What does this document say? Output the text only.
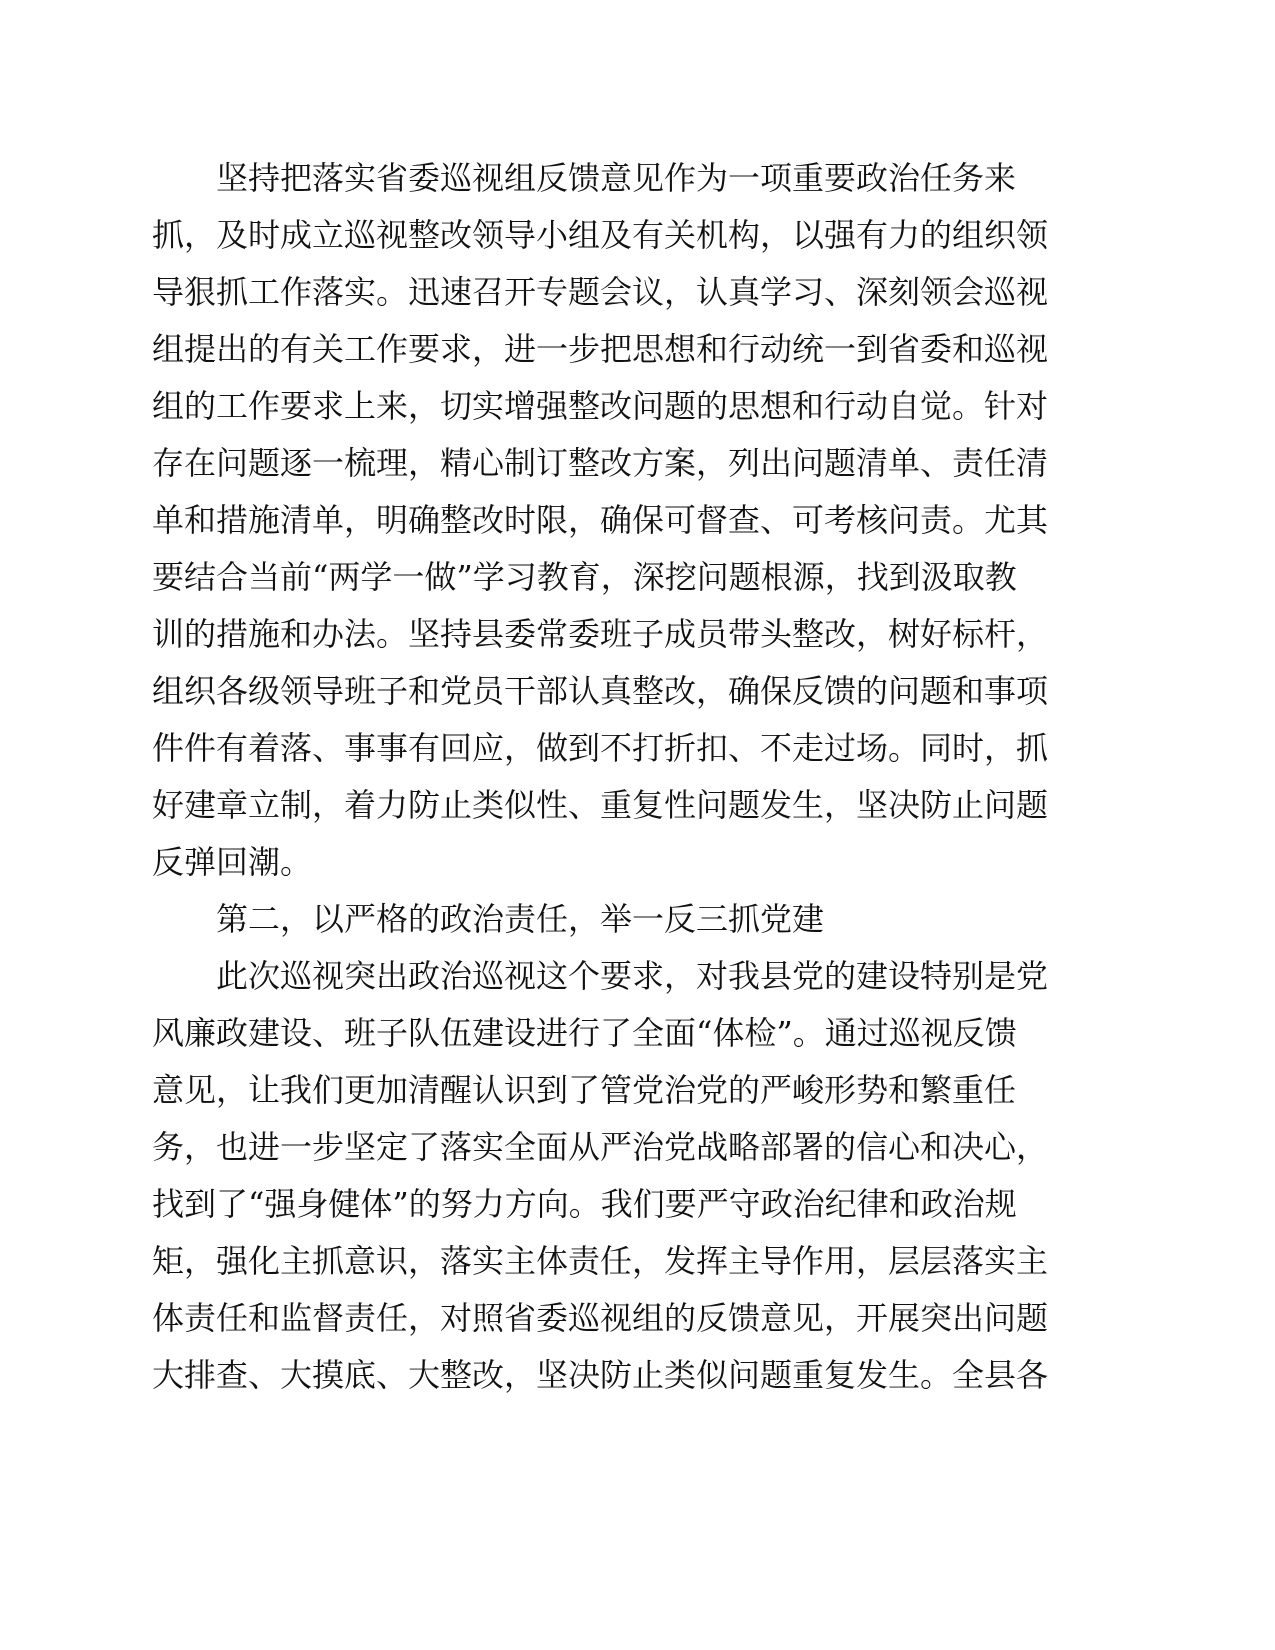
坚持把落实省委巡视组反馈意见作为一项重要政治任务来
抓，及时成立巡视整改领导小组及有关机构，以强有力的组织领
导狠抓工作落实。迅速召开专题会议，认真学习、深刻领会巡视
组提出的有关工作要求，进一步把思想和行动统一到省委和巡视
组的工作要求上来，切实增强整改问题的思想和行动自觉。针对
存在问题逐一梳理，精心制订整改方案，列出问题清单、责任清
单和措施清单，明确整改时限，确保可督查、可考核问责。尤其
要结合当前“两学一做”学习教育，深挖问题根源，找到汲取教
训的措施和办法。坚持县委常委班子成员带头整改，树好标杆，
组织各级领导班子和党员干部认真整改，确保反馈的问题和事项
件件有着落、事事有回应，做到不打折扣、不走过场。同时，抓
好建章立制，着力防止类似性、重复性问题发生，坚决防止问题
反弹回潮。
第二，以严格的政治责任，举一反三抓党建
此次巡视突出政治巡视这个要求，对我县党的建设特别是党
风廉政建设、班子队伍建设进行了全面“体检”。通过巡视反馈
意见，让我们更加清醒认识到了管党治党的严峻形势和繁重任
务，也进一步坚定了落实全面从严治党战略部署的信心和决心，
找到了“强身健体”的努力方向。我们要严守政治纪律和政治规
矩，强化主抓意识，落实主体责任，发挥主导作用，层层落实主
体责任和监督责任，对照省委巡视组的反馈意见，开展突出问题
大排查、大摸底、大整改，坚决防止类似问题重复发生。全县各
